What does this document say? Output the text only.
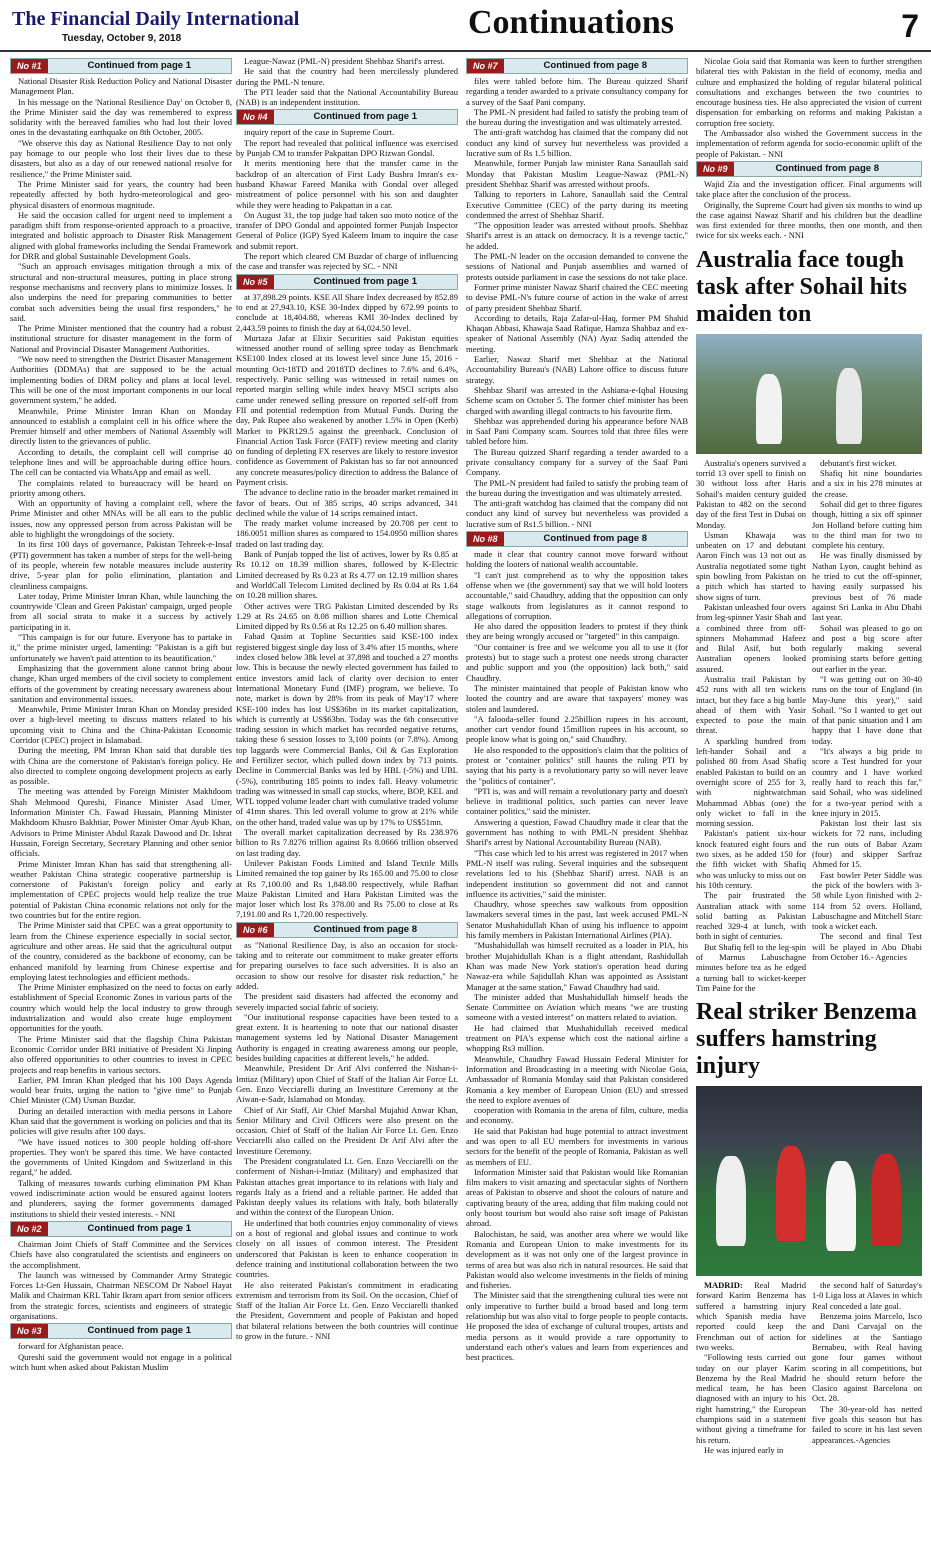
The Financial Daily International
Tuesday, October 9, 2018	Continuations	7
No #1	Continued from page 1

National Disaster Risk Reduction Policy and National Disaster Management Plan.

In his message on the 'National Resilience Day' on October 8, the Prime Minister said the day was remembered to express solidarity with the bereaved families who had lost their loved ones in the devastating earthquake on 8th October, 2005.

"We observe this day as National Resilience Day to not only pay homage to our people who lost their lives due to these disasters, but also as a day of our renewed national resolve for resilience," the Prime Minister said.

The Prime Minister said for years, the country had been repeatedly affected by both hydro-meteorological and geo-physical disasters of enormous magnitude.

He said the occasion called for urgent need to implement a paradigm shift from response-oriented approach to a proactive, integrated and holistic approach to Disaster Risk Management aligned with global frameworks including the Sendai Framework for DRR and global Sustainable Development Goals.

"Such an approach envisages mitigation through a mix of structural and non-structural measures, putting in place strong response mechanisms and recovery plans to minimize losses. It also underpins the need for preparing communities to better combat such adversities being the usual first responders," he said.

The Prime Minister mentioned that the country had a robust institutional structure for disaster management in the form of National and Provincial Disaster Management Authorities.

"We now need to strengthen the District Disaster Management Authorities (DDMAs) that are supposed to be the actual implementing bodies of DRM policy and plans at local level. This will be one of the most important components in our local government system," he added.

Meanwhile, Prime Minister Imran Khan on Monday announced to establish a complaint cell in his office where the Premier himself and other members of National Assembly will directly listen to the grievances of public.

According to details, the complaint cell will comprise 40 telephone lines and will be approachable during office hours. The cell can be contacted via WhatsApp and email as well.

The complaints related to bureaucracy will be heard on priority among others.

With an opportunity of having a complaint cell, where the Prime Minister and other MNAs will be all ears to the public issues, now any oppressed person from across Pakistan will be able to highlight the wrongdoings of the society.

In its first 100 days of governance, Pakistan Tehreek-e-Insaf (PTI) government has taken a number of steps for the well-being of its people, wherein few notable measures include austerity drive, 5-year plan for polio elimination, plantation and cleanliness campaigns.

Later today, Prime Minister Imran Khan, while launching the countrywide 'Clean and Green Pakistan' campaign, urged people from all social strata to make it a success by actively participating in it.

"This campaign is for our future. Everyone has to partake in it," the prime minister urged, lamenting: "Pakistan is a gift but unfortunately we haven't paid attention to its beautification."

Emphasizing that the government alone cannot bring about change, Khan urged members of the civil society to complement efforts of the government by creating necessary awareness about sanitation and environmental issues.

Meanwhile, Prime Minister Imran Khan on Monday presided over a high-level meeting to discuss matters related to his upcoming visit to China and the China-Pakistan Economic Corridor (CPEC) project in Islamabad.

During the meeting, PM Imran Khan said that durable ties with China are the cornerstone of Pakistan's foreign policy. He also directed to complete ongoing development projects as early as possible.

The meeting was attended by Foreign Minister Makhdoom Shah Mehmood Qureshi, Finance Minister Asad Umer, Information Minister Ch. Fawad Hussain, Planning Minister Makhdoom Khusro Bakhtiar, Power Minister Omar Ayub Khan, Advisors to Prime Minister Abdul Razak Dawood and Dr. Ishrat Hussain, Foreign Secretary, Secretary Planning and other senior officials.

Prime Minister Imran Khan has said that strengthening all-weather Pakistan China strategic cooperative partnership is cornerstone of Pakistan's foreign policy and early implementation of CPEC projects would help realize the true potential of Pakistan China economic relations not only for the two countries but for the entire region.

The Prime Minister said that CPEC was a great opportunity to learn from the Chinese experience especially in social sector, agriculture and other areas. He said that the agricultural output of the country, considered as the backbone of economy, can be enhanced manifold by learning from Chinese expertise and employing latest technologies and efficient methods.

The Prime Minister emphasized on the need to focus on early establishment of Special Economic Zones in various parts of the country which would help the local industry to grow through industrialization and would also create huge employment opportunities for the youth.

The Prime Minister said that the flagship China Pakistan Economic Corridor under BRI initiative of President Xi Jinping also offered opportunities to other countries to invest in CPEC projects and reap benefits in various sectors.

Earlier, PM Imran Khan pledged that his 100 Days Agenda would bear fruits, urging the nation to "give time" to Punjab Chief Minister (CM) Usman Buzdar.

During an detailed interaction with media persons in Lahore Khan said that the government is working on policies and that its policies will give results after 100 days.

"We have issued notices to 300 people holding off-shore properties. They won't be spared this time. We have contacted the governments of United Kingdom and Switzerland in this regard," he added.

Talking of measures towards curbing elimination PM Khan vowed indiscriminate action would be ensured against looters and plunderers, saying the former governments damaged institutions to shield their vested interests. - NNI

No #2	Continued from page 1

Chairman Joint Chiefs of Staff Committee and the Services Chiefs have also congratulated the scientists and engineers on the accomplishment.

The launch was witnessed by Commander Army Strategic Forces Lt-Gen Hussain, Chairman NESCOM Dr Naboel Hayat Malik and Chairman KRL Tahir Ikram apart from senior officers from the strategic forces, scientists and engineers of strategic organisations.

No #3	Continued from page 1

forward for Afghanistan peace.

Qureshi said the government would not engage in a political witch hunt when asked about Pakistan Muslim

League-Nawaz (PML-N) president Shehbaz Sharif's arrest.

He said that the country had been mercilessly plundered during the PML-N tenure.

The PTI leader said that the National Accountability Bureau (NAB) is an independent institution.

No #4	Continued from page 1

inquiry report of the case in Supreme Court.

The report had revealed that political influence was exercised by Punjab CM to transfer Pakpattan DPO Rizwan Gondal.

It merits mentioning here that the transfer came in the backdrop of an altercation of First Lady Bushra Imran's ex-husband Khawar Fareed Manika with Gondal over alleged mistreatment of police personnel with his son and daughter while they were heading to Pakpattan in a car.

On August 31, the top judge had taken suo moto notice of the transfer of DPO Gondal and appointed former Punjab Inspector General of Police (IGP) Syed Kaleem Imam to inquire the case and submit report.

The report which cleared CM Buzdar of charge of influencing the case and transfer was rejected by SC. - NNI

No #5	Continued from page 1

at 37,898.29 points. KSE All Share Index decreased by 852.89 to end at 27,943.10, KSE 30-Index dipped by 672.99 points to conclude at 18,404.88, whereas KMI 30-Index declined by 2,443.59 points to finish the day at 64,024.50 level.

Murtaza Jafar at Elixir Securities said Pakistan equities witnessed another round of selling spree today as Benchmark KSE100 Index closed at its lowest level since June 15, 2016 - mounting Oct-18TD and 2018TD declines to 7.6% and 6.4%, respectively. Panic selling was witnessed in retail names on reported margin selling while index heavy MSCI scripts also came under renewed selling pressure on reported self-off from FII and potential redemption from Mutual Funds. During the day, Pak Rupee also weakened by another 1.5% in Open (Kerb) Market to PKR129.5 against the greenback. Conclusion of Financial Action Task Force (FATF) review meeting and clarity on funding of depleting FX reserves are likely to restore investor confidence as Government of Pakistan has so far not announced any concrete measures/policy direction to address the Balance of Payment crisis.

The advance to decline ratio in the broader market remained in favor of bears. Out of 385 scrips, 40 scrips advanced, 341 declined while the value of 14 scrips remained intact.

The ready market volume increased by 20.708 per cent to 186.0051 million shares as compared to 154.0950 million shares traded on last trading day.

Bank of Punjab topped the list of actives, lower by Rs 0.85 at Rs 10.12 on 18.39 million shares, followed by K-Electric Limited decreased by Rs 0.23 at Rs 4.77 on 12.19 million shares and WorldCall Telecom Limited declined by Rs 0.04 at Rs 1.64 on 10.28 million shares.

Other actives were TRG Pakistan Limited descended by Rs 1.29 at Rs 24.65 on 8.08 million shares and Lotte Chemical Limited dipped by Rs 0.56 at Rs 12.25 on 6.40 million shares.

Fahad Qasim at Topline Securities said KSE-100 index registered biggest single day loss of 3.4% after 15 months, where index closed below 38k level at 37,898 and touched a 27 months low. This is because the newly elected government has failed to entice investors amid lack of clarity over decision to enter International Monetary Fund (IMF) program, we believe. To note, market is down by 28% from its peak of May'17 where KSE-100 index has lost US$36bn in its market capitalization, which is currently at US$63bn. Today was the 6th consecutive trading session in which market has recorded negative returns, taking these 6 session losses to 3,100 points (or 7.8%). Among top laggards were Commercial Banks, Oil & Gas Exploration and Fertilizer sector, which pulled down index by 713 points. Decline in Commercial Banks was led by HBL (-5%) and UBL (-5%), contributing 185 points to index fall. Heavy volumetric trading was witnessed in small cap stocks, where, BOP, KEL and WTL topped volume leader chart with cumulative traded volume of 41mn shares. This led overall volume to grow at 21% while on the other hand, traded value was up by 17% to US$51mn.

The overall market capitalization decreased by Rs 238.976 billion to Rs 7.8276 trillion against Rs 8.0666 trillion observed on last trading day.

Unilever Pakistan Foods Limited and Island Textile Mills Limited remained the top gainer by Rs 165.00 and 75.00 to close at Rs 7,100.00 and Rs 1,848.00 respectively, while Rafhan Maize Pakistan Limited and Hara Pakistan Limited was the major loser which lost Rs 378.00 and Rs 75.00 to close at Rs 7,191.00 and Rs 1,720.00 respectively.

No #6	Continued from page 8

as "National Resilience Day, is also an occasion for stock-taking and to reiterate our commitment to make greater efforts for preparing ourselves to face such adversities. It is also an occasion to show our resolve for disaster risk reduction," he added.

The president said disasters had affected the economy and severely impacted social fabric of society.

"Our institutional response capacities have been tested to a great extent. It is heartening to note that our national disaster management systems led by National Disaster Management Authority is engaged in creating awareness among our people, besides building capacities at different levels," he added.

Meanwhile, President Dr Arif Alvi conferred the Nishan-i-Imtiaz (Military) upon Chief of Staff of the Italian Air Force Lt. Gen. Enzo Vecciarelli during an Investiture Ceremony at the Aiwan-e-Sadr, Islamabad on Monday.

Chief of Air Staff, Air Chief Marshal Mujahid Anwar Khan, Senior Military and Civil Officers were also present on the occasion. Chief of Staff of the Italian Air Force Lt. Gen. Enzo Vecciarelli also called on the President Dr Arif Alvi after the Investiture Ceremony.

The President congratulated Lt. Gen. Enzo Vecciarelli on the conferment of Nishan-i-Imtiaz (Military) and emphasized that Pakistan attaches great importance to its relations with Italy and regards Italy as a friend and a reliable partner. He added that Pakistan deeply values its relations with Italy, both bilaterally and within the context of the European Union.

He underlined that both countries enjoy commonality of views on a host of regional and global issues and continue to work closely on all issues of common interest. The President underscored that Pakistan is keen to enhance cooperation in defence training and institutional collaboration between the two countries.

He also reiterated Pakistan's commitment in eradicating extremism and terrorism from its Soil. On the occasion, Chief of Staff of the Italian Air Force Lt. Gen. Enzo Vecciarelli thanked the President, Government and people of Pakistan and hoped that bilateral relations between the both countries will continue to grow in the future. - NNI

No #7	Continued from page 8

files were tabled before him. The Bureau quizzed Sharif regarding a tender awarded to a private consultancy company for a survey of the Saaf Pani company.

The PML-N president had failed to satisfy the probing team of the bureau during the investigation and was ultimately arrested.

The anti-graft watchdog has claimed that the company did not conduct any kind of survey but nevertheless was provided a lucrative sum of Rs 1.5 billion.

Meanwhile, former Punjab law minister Rana Sanaullah said Monday that Pakistan Muslim League-Nawaz (PML-N) president Shehbaz Sharif was arrested without proofs.

Talking to reporters in Lahore, Sanaullah said the Central Executive Committee (CEC) of the party during its meeting condemned the arrest of Shehbaz Sharif.

"The opposition leader was arrested without proofs. Shehbaz Sharif's arrest is an attack on democracy. It is a revenge tactic," he added.

The PML-N leader on the occasion demanded to convene the sessions of National and Punjab assemblies and warned of protests outside parliament in case the sessions do not take place.

Former prime minister Nawaz Sharif chaired the CEC meeting to devise PML-N's future course of action in the wake of arrest of party president Shehbaz Sharif.

According to details, Raja Zafar-ul-Haq, former PM Shahid Khaqan Abbasi, Khawaja Saad Rafique, Hamza Shahbaz and ex-speaker of National Assembly (NA) Ayaz Sadiq attended the meeting.

Earlier, Nawaz Sharif met Shehbaz at the National Accountability Bureau's (NAB) Lahore office to discuss future strategy.

Shehbaz Sharif was arrested in the Ashiana-e-Iqbal Housing Scheme scam on October 5. The former chief minister has been charged with awarding illegal contracts to his favourite firm.

Shehbaz was apprehended during his appearance before NAB in Saaf Pani Company scam. Sources told that three files were tabled before him.

The Bureau quizzed Sharif regarding a tender awarded to a private consultancy company for a survey of the Saaf Pani Company.

The PML-N president had failed to satisfy the probing team of the bureau during the investigation and was ultimately arrested.

The anti-graft watchdog has claimed that the company did not conduct any kind of survey but nevertheless was provided a lucrative sum of Rs1.5 billion. - NNI

No #8	Continued from page 8

made it clear that country cannot move forward without holding the looters of national wealth accountable.

"I can't just comprehend as to why the opposition takes offense when we (the government) say that we will hold looters accountable," said Chaudhry, adding that the opposition can only stage walkouts from legislatures as it cannot respond to allegations of corruption.

He also dared the opposition leaders to protest if they think they are being wrongly accused or "targeted" in this campaign.

"Our container is free and we welcome you all to use it (for protests) but to stage such a protest one needs strong character and public support and you (the opposition) lack both," said Chaudhry.

The minister maintained that people of Pakistan know who looted the country and are aware that taxpayers' money was stolen and laundered.

"A falooda-seller found 2.25billion rupees in his account, another cart vendor found 15million rupees in his account, so people know what is going on," said Chaudhry.

He also responded to the opposition's claim that the politics of protest or "container politics" still haunts the ruling PTI by saying that his party is a revolutionary party so will never leave the "politics of container".

"PTI is, was and will remain a revolutionary party and doesn't believe in traditional politics, such parties can never leave container politics," said the minister.

Answering a question, Fawad Chaudhry made it clear that the government has nothing to with PML-N president Shehbaz Sharif's arrest by National Accountability Bureau (NAB).

"This case which led to his arrest was registered in 2017 when PML-N itself was ruling. Several inquiries and the subsequent revelations led to his (Shehbaz Sharif) arrest. NAB is an independent institution so government did not and cannot influence its activities," said the minister.

Chaudhry, whose speeches saw walkouts from opposition lawmakers several times in the past, last week accused PML-N Senator Mushahidullah Khan of using his influence to appoint his family members in Pakistan International Airlines (PIA).

"Mushahidullah was himself recruited as a loader in PIA, his brother Mujahidullah Khan is a flight attendant, Rashidullah Khan was made New York station's operation head during Nawaz-era while Sajidullah Khan was appointed as Assistant Manager at the same station," Fawad Chaudhry had said.

The minister added that Mushahidullah himself heads the Senate Committee on Aviation which means "we are trusting someone with a vested interest" on matters related to aviation.

He had claimed that Mushahidullah received medical treatment on PIA's expense which cost the national airline a whopping Rs3 million.

Meanwhile, Chaudhry Fawad Hussain Federal Minister for Information and Broadcasting in a meeting with Nicolae Goia, Ambassador of Romania Monday said that Pakistan considered Romania a key member of European Union (EU) and stressed the need to explore avenues of

cooperation with Romania in the arena of film, culture, media and economy.

He said that Pakistan had huge potential to attract investment and was open to all EU members for investments in various sectors for the benefit of the people of Romania, Pakistan as well as members of EU.

Information Minister said that Pakistan would like Romanian film makers to visit amazing and spectacular sights of Northern areas of Pakistan to observe and shoot the colours of nature and captivating beauty of the area, adding that film making could not only boost tourism but would also raise soft image of Pakistan abroad.

Balochistan, he said, was another area where we would like Romania and European Union to make investments for its development as it was not only one of the largest province in terms of area but was also rich in natural resources. He said that Pakistan would also welcome investments in the fields of mining and fisheries.

The Minister said that the strengthening cultural ties were not only imperative to further build a broad based and long term relationship but was also vital to forge people to people contacts. He proposed the idea of exchange of cultural troupes, artists and media persons as it would provide a rare opportunity to understand each other's values and learn from experiences and best practices.

Nicolae Goia said that Romania was keen to further strengthen bilateral ties with Pakistan in the field of economy, media and culture and emphasized the holding of regular bilateral political consultations and exchanges between the two countries to encourage business ties. He also appreciated the vision of current dispensation for embarking on reforms and making Pakistan a corruption free society.

The Ambassador also wished the Government success in the implementation of reform agenda for socio-economic uplift of the people of Pakistan. - NNI

No #9	Continued from page 8

Wajid Zia and the investigation officer. Final arguments will take place after the conclusion of the process.

Originally, the Supreme Court had given six months to wind up the case against Nawaz Sharif and his children but the deadline was first extended for three months, then one month, and then twice for six weeks each. - NNI

Australia face tough task after Sohail hits maiden ton

Australia's openers survived a torrid 13 over spell to finish on 30 without loss after Haris Sohail's maiden century guided Pakistan to 482 on the second day of the first Test in Dubai on Monday.

Usman Khawaja was unbeaten on 17 and debutant Aaron Finch was 13 not out as Australia negotiated some tight spin bowling from Pakistan on a pitch which has started to show signs of turn.

Pakistan unleashed four overs from leg-spinner Yasir Shah and a combined three from off-spinners Mohammad Hafeez and Bilal Asif, but both Australian openers looked assured.

Australia trail Pakistan by 452 runs with all ten wickets intact, but they face a big battle ahead of them with Yasir expected to pose the main threat.

A sparkling hundred from left-hander Sohail and a polished 80 from Asad Shafiq enabled Pakistan to build on an overnight score of 255 for 3, with nightwatchman Mohammad Abbas (one) the only wicket to fall in the morning session.

Pakistan's patient six-hour knock featured eight fours and two sixes, as he added 150 for the fifth wicket with Shafiq who was unlucky to miss out on his 10th century.

The pair frustrated the Australian attack with some solid batting as Pakistan reached 329-4 at lunch, with both in sight of centuries.

But Shafiq fell to the leg-spin of Marnus Labuschagne minutes before tea as he edged a turning ball to wicket-keeper Tim Paine for the

debutant's first wicket.

Shafiq hit nine boundaries and a six in his 278 minutes at the crease.

Sohail did get to three figures though, hitting a six off spinner Jon Holland before cutting him to the third man for two to complete his century.

He was finally dismissed by Nathan Lyon, caught behind as he tried to cut the off-spinner, having easily surpassed his previous best of 76 made against Sri Lanka in Abu Dhabi last year.

Sohail was pleased to go on and post a big score after regularly making several promising starts before getting out earlier in the year.

"I was getting out on 30-40 runs on the tour of England (in May-June this year)," said Sohail. "So I wanted to get out of that panic situation and I am happy that I have done that today.

"It's always a big pride to score a Test hundred for your country and I have worked really hard to reach this far," said Sohail, who was sidelined for a two-year period with a knee injury in 2015.

Pakistan lost their last six wickets for 72 runs, including the run outs of Babar Azam (four) and skipper Sarfraz Ahmed for 15.

Fast bowler Peter Siddle was the pick of the bowlers with 3-58 while Lyon finished with 2-114 from 52 overs. Holland, Labuschagne and Mitchell Starc took a wicket each.

The second and final Test will be played in Abu Dhabi from October 16.- Agencies

Real striker Benzema suffers hamstring injury

MADRID: Real Madrid forward Karim Benzema has suffered a hamstring injury which Spanish media have reported could keep the Frenchman out of action for two weeks.

"Following tests carried out today on our player Karim Benzema by the Real Madrid medical team, he has been diagnosed with an injury to his right hamstring," the European champions said in a statement without giving a timeframe for his return.

He was injured early in

the second half of Saturday's 1-0 Liga loss at Alaves in which Real conceded a late goal.

Benzema joins Marcelo, Isco and Dani Carvajal on the sidelines at the Santiago Bernabeu, with Real having gone four games without scoring in all competitions, but he should return before the Clasico against Barcelona on Oct. 28.

The 30-year-old has netted five goals this season but has failed to score in his last seven appearances.-Agencies
